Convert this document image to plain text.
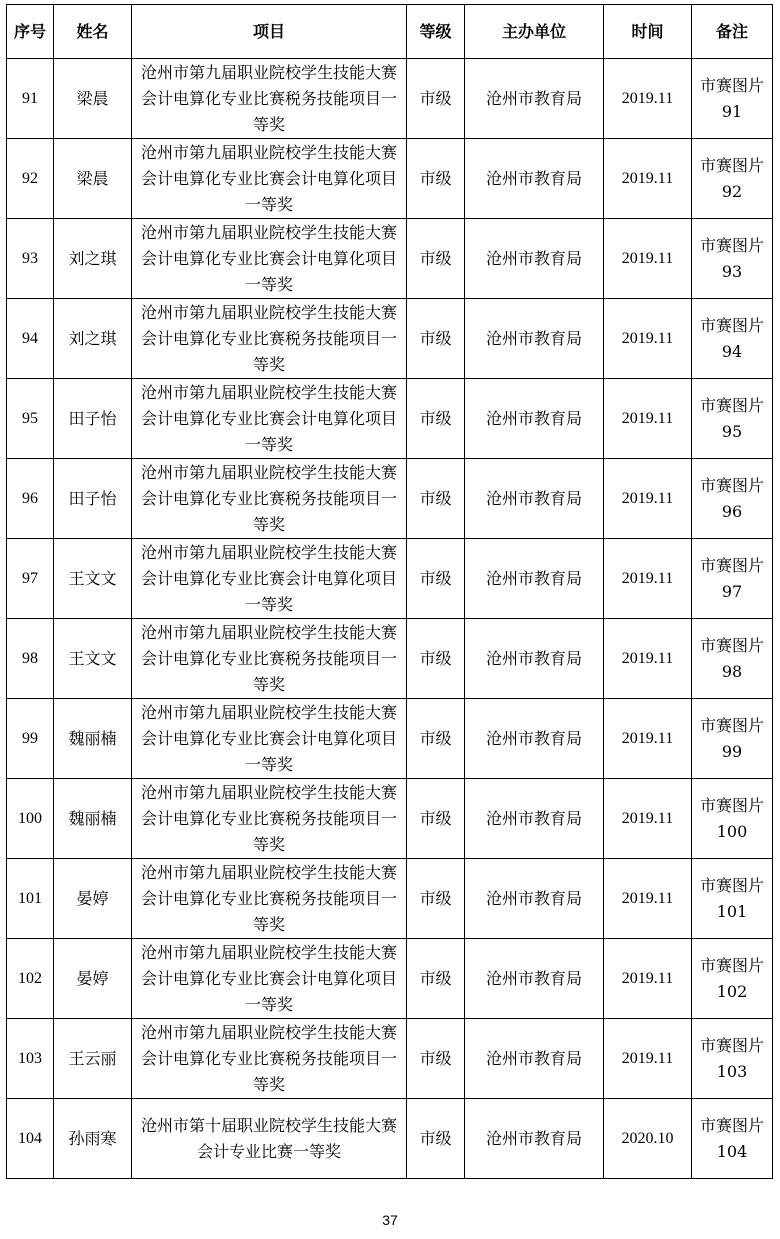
序号	姓名	项目	等级	主办单位	时间	备注
91	梁晨	沧州市第九届职业院校学生技能大赛会计电算化专业比赛税务技能项目一等奖	市级	沧州市教育局	2019.11	市赛图片 91
92	梁晨	沧州市第九届职业院校学生技能大赛会计电算化专业比赛会计电算化项目一等奖	市级	沧州市教育局	2019.11	市赛图片 92
93	刘之琪	沧州市第九届职业院校学生技能大赛会计电算化专业比赛会计电算化项目一等奖	市级	沧州市教育局	2019.11	市赛图片 93
94	刘之琪	沧州市第九届职业院校学生技能大赛会计电算化专业比赛税务技能项目一等奖	市级	沧州市教育局	2019.11	市赛图片 94
95	田子怡	沧州市第九届职业院校学生技能大赛会计电算化专业比赛会计电算化项目一等奖	市级	沧州市教育局	2019.11	市赛图片 95
96	田子怡	沧州市第九届职业院校学生技能大赛会计电算化专业比赛税务技能项目一等奖	市级	沧州市教育局	2019.11	市赛图片 96
97	王文文	沧州市第九届职业院校学生技能大赛会计电算化专业比赛会计电算化项目一等奖	市级	沧州市教育局	2019.11	市赛图片 97
98	王文文	沧州市第九届职业院校学生技能大赛会计电算化专业比赛税务技能项目一等奖	市级	沧州市教育局	2019.11	市赛图片 98
99	魏丽楠	沧州市第九届职业院校学生技能大赛会计电算化专业比赛会计电算化项目一等奖	市级	沧州市教育局	2019.11	市赛图片 99
100	魏丽楠	沧州市第九届职业院校学生技能大赛会计电算化专业比赛税务技能项目一等奖	市级	沧州市教育局	2019.11	市赛图片 100
101	晏婷	沧州市第九届职业院校学生技能大赛会计电算化专业比赛税务技能项目一等奖	市级	沧州市教育局	2019.11	市赛图片 101
102	晏婷	沧州市第九届职业院校学生技能大赛会计电算化专业比赛会计电算化项目一等奖	市级	沧州市教育局	2019.11	市赛图片 102
103	王云丽	沧州市第九届职业院校学生技能大赛会计电算化专业比赛税务技能项目一等奖	市级	沧州市教育局	2019.11	市赛图片 103
104	孙雨寒	沧州市第十届职业院校学生技能大赛会计专业比赛一等奖	市级	沧州市教育局	2020.10	市赛图片 104
37
